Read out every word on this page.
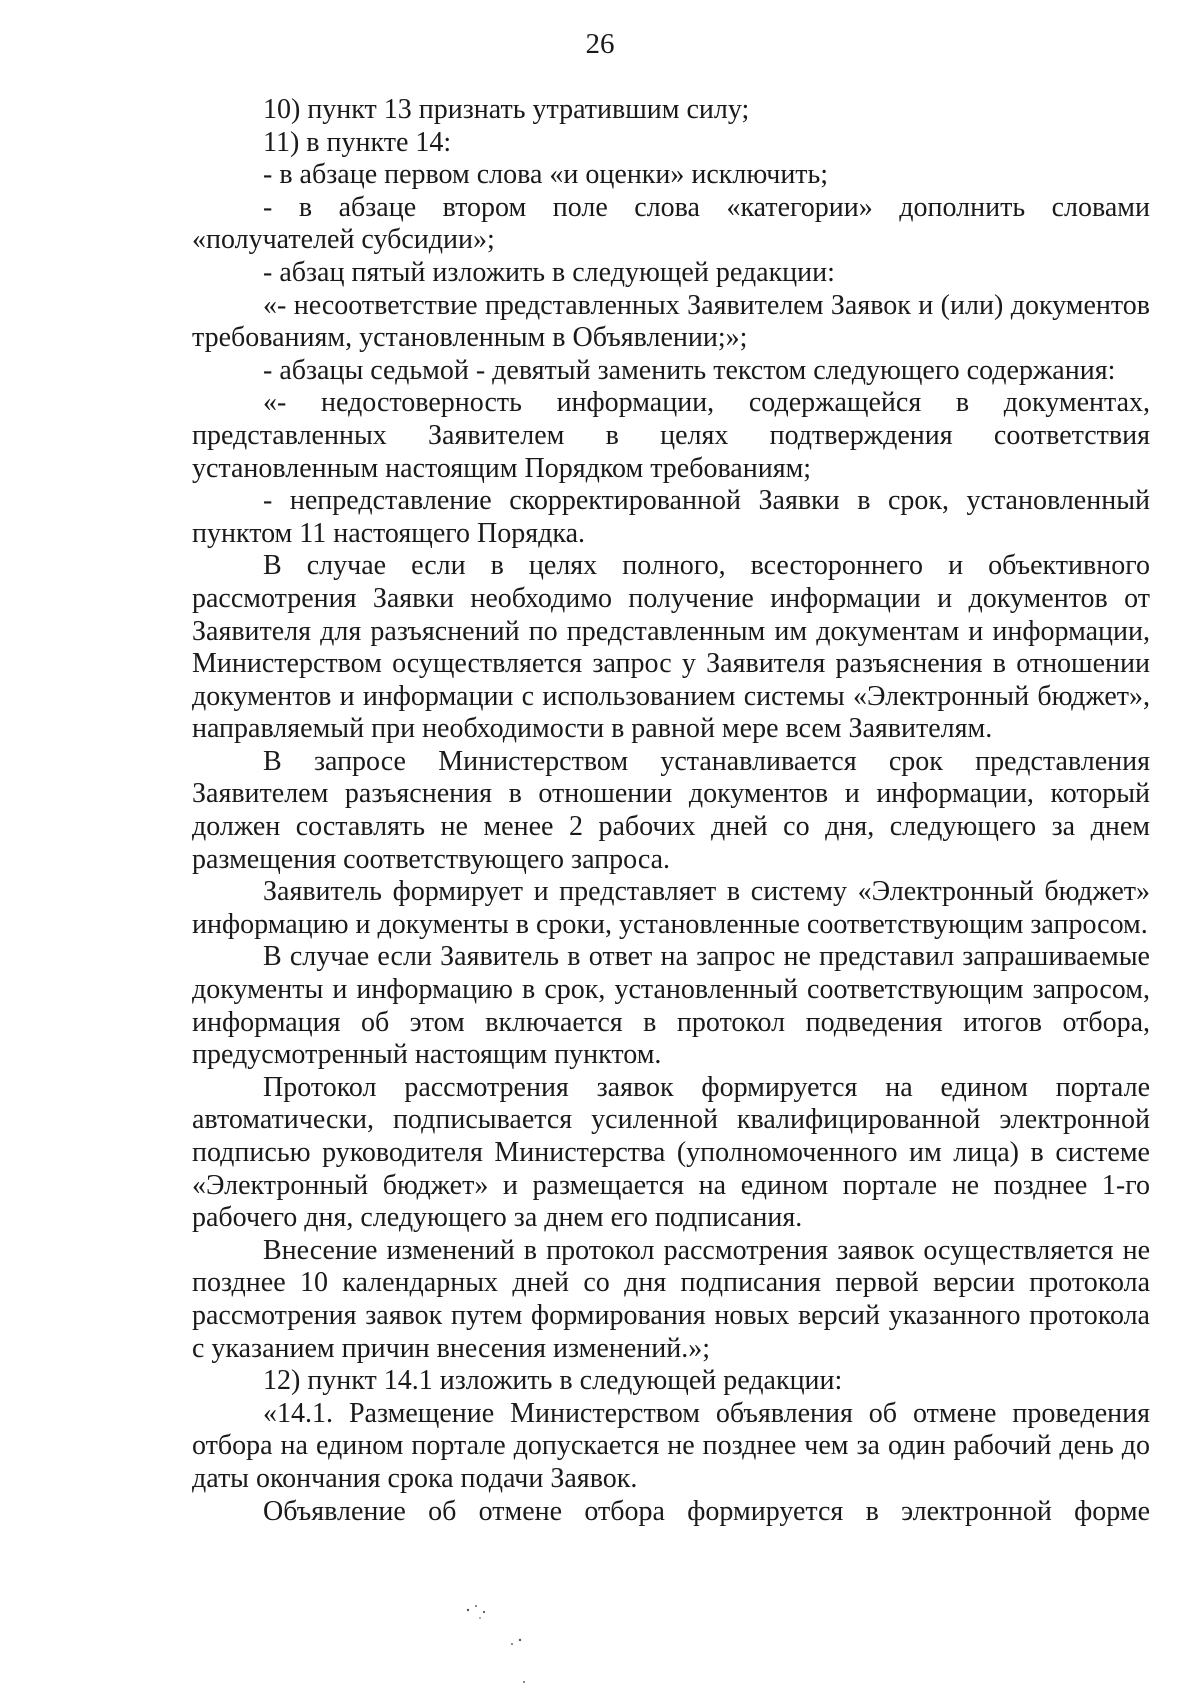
26

10) пункт 13 признать утратившим силу;

11) в пункте 14:

- в абзаце первом слова «и оценки» исключить;

- в абзаце втором поле слова «категории» дополнить словами «получателей субсидии»;

- абзац пятый изложить в следующей редакции:

«- несоответствие представленных Заявителем Заявок и (или) документов требованиям, установленным в Объявлении;»;

- абзацы седьмой - девятый заменить текстом следующего содержания:

«- недостоверность информации, содержащейся в документах, представленных Заявителем в целях подтверждения соответствия установленным настоящим Порядком требованиям;

- непредставление скорректированной Заявки в срок, установленный пунктом 11 настоящего Порядка.

В случае если в целях полного, всестороннего и объективного рассмотрения Заявки необходимо получение информации и документов от Заявителя для разъяснений по представленным им документам и информации, Министерством осуществляется запрос у Заявителя разъяснения в отношении документов и информации с использованием системы «Электронный бюджет», направляемый при необходимости в равной мере всем Заявителям.

В запросе Министерством устанавливается срок представления Заявителем разъяснения в отношении документов и информации, который должен составлять не менее 2 рабочих дней со дня, следующего за днем размещения соответствующего запроса.

Заявитель формирует и представляет в систему «Электронный бюджет» информацию и документы в сроки, установленные соответствующим запросом.

В случае если Заявитель в ответ на запрос не представил запрашиваемые документы и информацию в срок, установленный соответствующим запросом, информация об этом включается в протокол подведения итогов отбора, предусмотренный настоящим пунктом.

Протокол рассмотрения заявок формируется на едином портале автоматически, подписывается усиленной квалифицированной электронной подписью руководителя Министерства (уполномоченного им лица) в системе «Электронный бюджет» и размещается на едином портале не позднее 1-го рабочего дня, следующего за днем его подписания.

Внесение изменений в протокол рассмотрения заявок осуществляется не позднее 10 календарных дней со дня подписания первой версии протокола рассмотрения заявок путем формирования новых версий указанного протокола с указанием причин внесения изменений.»;

12) пункт 14.1 изложить в следующей редакции:

«14.1. Размещение Министерством объявления об отмене проведения отбора на едином портале допускается не позднее чем за один рабочий день до даты окончания срока подачи Заявок.

Объявление об отмене отбора формируется в электронной форме
